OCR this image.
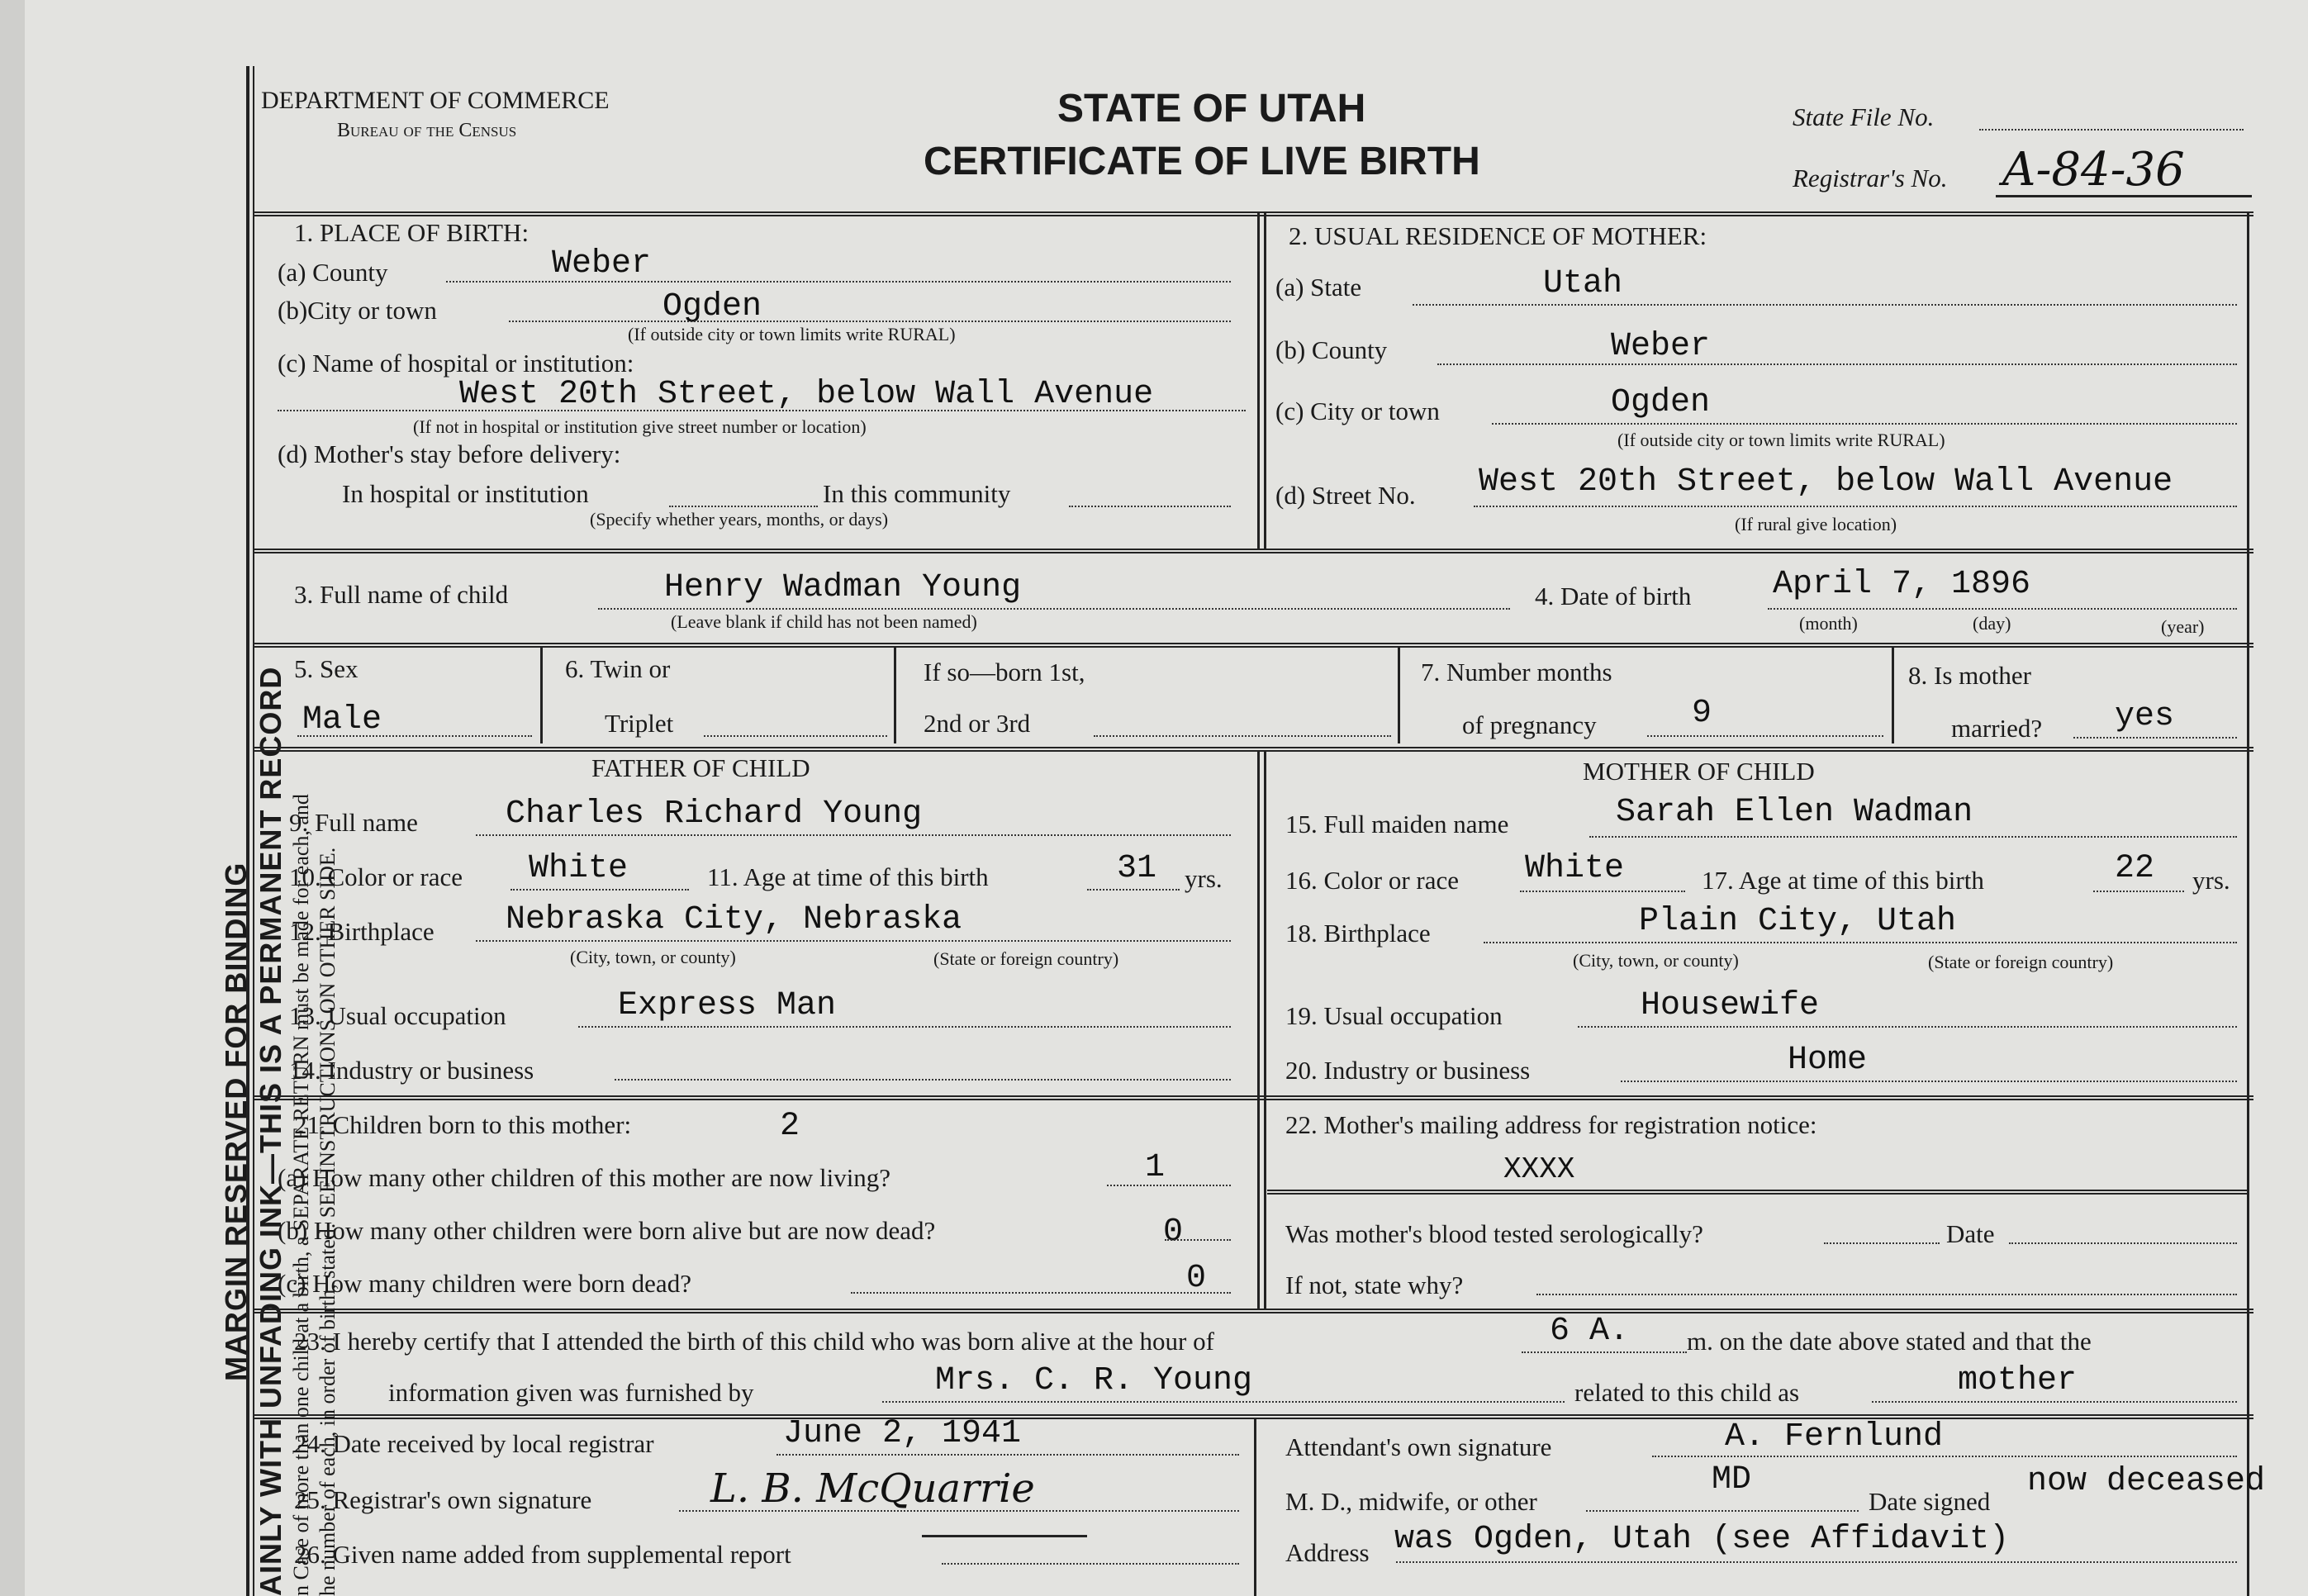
MARGIN RESERVED FOR BINDING AINLY WITH UNFADING INK—THIS IS A PERMANENT RECORD n Case of more than one child at a birth, a SEPARATE RETURN must be made for each, and he number of each, in order of birth, stated. SEE INSTRUCTIONS ON OTHER SIDE.
DEPARTMENT OF COMMERCE
Bureau of the Census	STATE OF UTAH
CERTIFICATE OF LIVE BIRTH
State File No.
Registrar's No. A-84-36
1. PLACE OF BIRTH:
(a) County	Weber
(b)City or town	Ogden
(If outside city or town limits write RURAL)
(c) Name of hospital or institution:
West 20th Street, below Wall Avenue
(If not in hospital or institution give street number or location)
(d) Mother's stay before delivery:
In hospital or institution	In this community
(Specify whether years, months, or days)
2. USUAL RESIDENCE OF MOTHER:
(a) State	Utah
(b) County	Weber
(c) City or town	Ogden
(If outside city or town limits write RURAL)
(d) Street No. West 20th Street, below Wall Avenue
(If rural give location)
3. Full name of child	Henry Wadman Young
(Leave blank if child has not been named)
4. Date of birth April 7, 1896
(month)	(day)	(year)
5. Sex
Male
6. Twin or
Triplet
If so—born 1st,
2nd or 3rd
7. Number months
of pregnancy	9
8. Is mother
married? yes
FATHER OF CHILD	MOTHER OF CHILD
9. Full name	Charles Richard Young
10. Color or race White	11. Age at time of this birth	31 yrs.
12. Birthplace Nebraska City, Nebraska
(City, town, or county)	(State or foreign country)
13. Usual occupation	Express Man
14. Industry or business
15. Full maiden name	Sarah Ellen Wadman
16. Color or race White	17. Age at time of this birth	22 yrs.
18. Birthplace	Plain City, Utah
(City, town, or county)	(State or foreign country)
19. Usual occupation	Housewife
20. Industry or business	Home
21. Children born to this mother:	2
(a) How many other children of this mother are now living?	1
(b) How many other children were born alive but are now dead?	0
(c) How many children were born dead?	0
22. Mother's mailing address for registration notice:
XXXX
Was mother's blood tested serologically?	Date
If not, state why?
23. I hereby certify that I attended the birth of this child who was born alive at the hour of	6 A. m. on the date above stated and that the
information given was furnished by	Mrs. C. R. Young	related to this child as	mother
24. Date received by local registrar	June 2, 1941
25. Registrar's own signature	L. B. McQuarrie
26. Given name added from supplemental report
Attendant's own signature	A. Fernlund
M. D., midwife, or other
MD
Date signed
now deceased
Address was Ogden, Utah (see Affidavit)
